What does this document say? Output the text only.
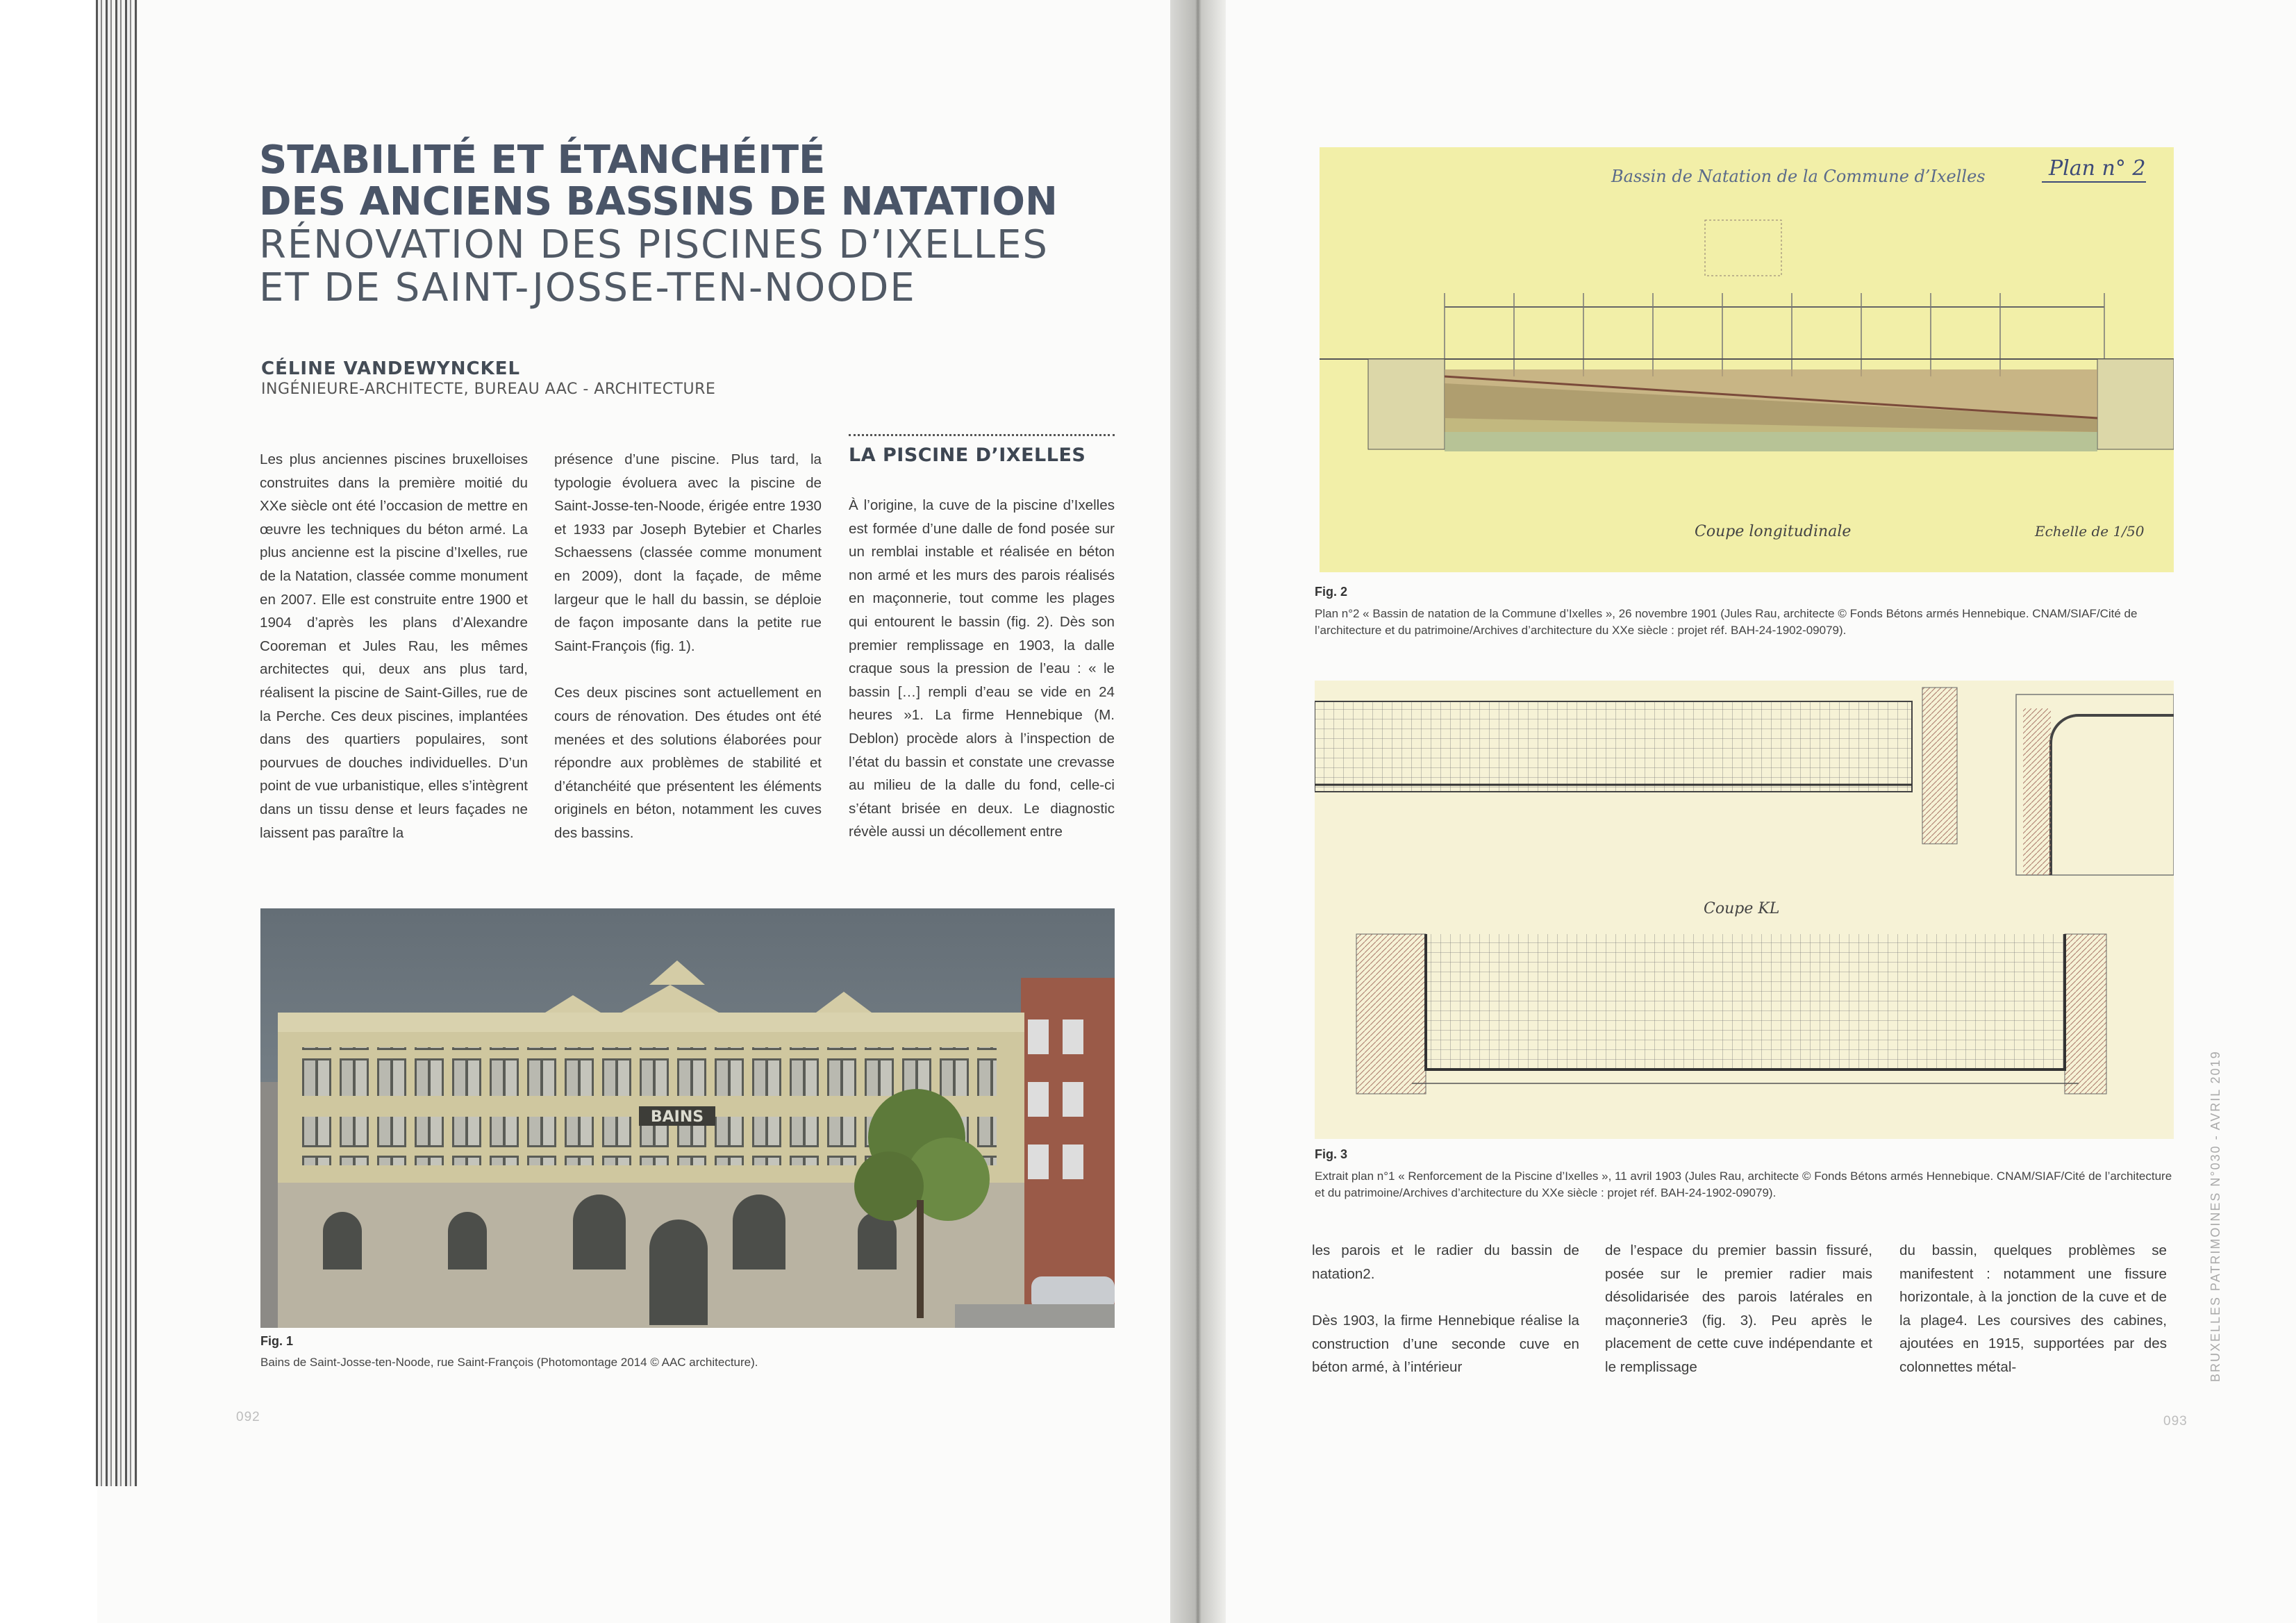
STABILITÉ ET ÉTANCHÉITÉ
DES ANCIENS BASSINS DE NATATION
RÉNOVATION DES PISCINES D’IXELLES
ET DE SAINT-JOSSE-TEN-NOODE
CÉLINE VANDEWYNCKEL
INGÉNIEURE-ARCHITECTE, BUREAU AAC - ARCHITECTURE

Les plus anciennes piscines bruxelloises construites dans la première moitié du XXe siècle ont été l’occasion de mettre en œuvre les techniques du béton armé. La plus ancienne est la piscine d’Ixelles, rue de la Natation, classée comme monument en 2007. Elle est construite entre 1900 et 1904 d’après les plans d’Alexandre Cooreman et Jules Rau, les mêmes architectes qui, deux ans plus tard, réalisent la piscine de Saint-Gilles, rue de la Perche. Ces deux piscines, implantées dans des quartiers populaires, sont pourvues de douches individuelles. D’un point de vue urbanistique, elles s’intègrent dans un tissu dense et leurs façades ne laissent pas paraître la

présence d’une piscine. Plus tard, la typologie évoluera avec la piscine de Saint-Josse-ten-Noode, érigée entre 1930 et 1933 par Joseph Bytebier et Charles Schaessens (classée comme monument en 2009), dont la façade, de même largeur que le hall du bassin, se déploie de façon imposante dans la petite rue Saint-François (fig. 1).

Ces deux piscines sont actuellement en cours de rénovation. Des études ont été menées et des solutions élaborées pour répondre aux problèmes de stabilité et d’étanchéité que présentent les éléments originels en béton, notamment les cuves des bassins.

LA PISCINE D’IXELLES

À l’origine, la cuve de la piscine d’Ixelles est formée d’une dalle de fond posée sur un remblai instable et réalisée en béton non armé et les murs des parois réalisés en maçonnerie, tout comme les plages qui entourent le bassin (fig. 2). Dès son premier remplissage en 1903, la dalle craque sous la pression de l’eau : « le bassin […] rempli d’eau se vide en 24 heures »1. La firme Hennebique (M. Deblon) procède alors à l’inspection de l’état du bassin et constate une crevasse au milieu de la dalle du fond, celle-ci s’étant brisée en deux. Le diagnostic révèle aussi un décollement entre

BAINS
Fig. 1
Bains de Saint-Josse-ten-Noode, rue Saint-François (Photomontage 2014 © AAC architecture).
092
Bassin de Natation de la Commune d’Ixelles	Plan n° 2
Coupe longitudinale	Echelle de 1/50
Fig. 2
Plan n°2 « Bassin de natation de la Commune d’Ixelles », 26 novembre 1901 (Jules Rau, architecte © Fonds Bétons armés Hennebique. CNAM/SIAF/Cité de l’architecture et du patrimoine/Archives d’architecture du XXe siècle : projet réf. BAH-24-1902-09079).
Coupe KL
Fig. 3
Extrait plan n°1 « Renforcement de la Piscine d’Ixelles », 11 avril 1903 (Jules Rau, architecte © Fonds Bétons armés Hennebique. CNAM/SIAF/Cité de l’architecture et du patrimoine/Archives d’architecture du XXe siècle : projet réf. BAH-24-1902-09079).

les parois et le radier du bassin de natation2.

Dès 1903, la firme Hennebique réalise la construction d’une seconde cuve en béton armé, à l’intérieur

de l’espace du premier bassin fissuré, posée sur le premier radier mais désolidarisée des parois latérales en maçonnerie3 (fig. 3). Peu après le placement de cette cuve indépendante et le remplissage

du bassin, quelques problèmes se manifestent : notamment une fissure horizontale, à la jonction de la cuve et de la plage4. Les coursives des cabines, ajoutées en 1915, supportées par des colonnettes métal-

093
BRUXELLES PATRIMOINES N°030 - AVRIL 2019
